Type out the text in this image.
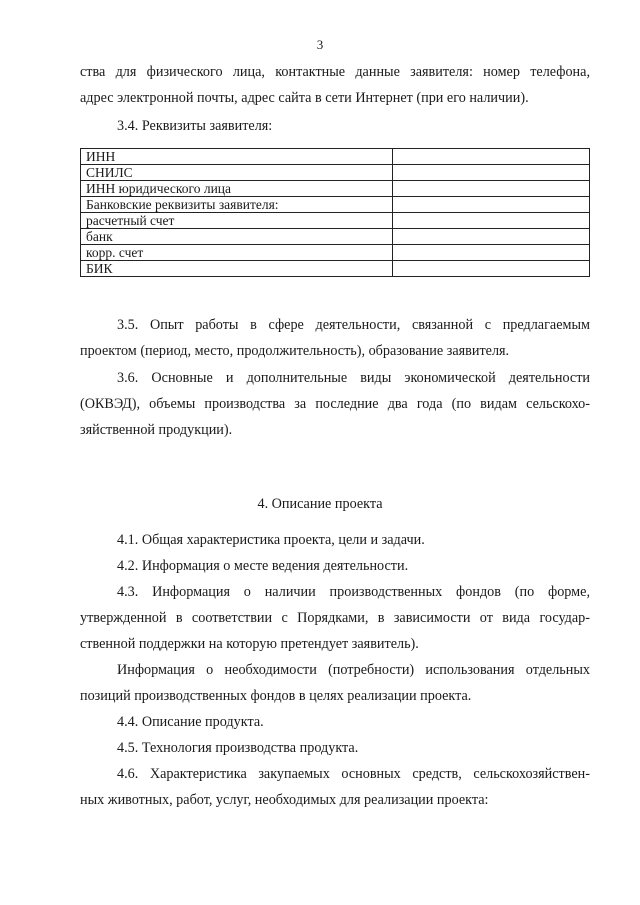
3
ства для физического лица, контактные данные заявителя: номер телефона,
адрес электронной почты, адрес сайта в сети Интернет (при его наличии).
3.4. Реквизиты заявителя:
ИНН	
СНИЛС	
ИНН юридического лица	
Банковские реквизиты заявителя:	
расчетный счет	
банк	
корр. счет	
БИК	
3.5. Опыт работы в сфере деятельности, связанной с предлагаемым
проектом (период, место, продолжительность), образование заявителя.
3.6. Основные и дополнительные виды экономической деятельности
(ОКВЭД), объемы производства за последние два года (по видам сельскохо-
зяйственной продукции).
4. Описание проекта
4.1. Общая характеристика проекта, цели и задачи.
4.2. Информация о месте ведения деятельности.
4.3. Информация о наличии производственных фондов (по форме,
утвержденной в соответствии с Порядками, в зависимости от вида государ-
ственной поддержки на которую претендует заявитель).
Информация о необходимости (потребности) использования отдельных
позиций производственных фондов в целях реализации проекта.
4.4. Описание продукта.
4.5. Технология производства продукта.
4.6. Характеристика закупаемых основных средств, сельскохозяйствен-
ных животных, работ, услуг, необходимых для реализации проекта:
